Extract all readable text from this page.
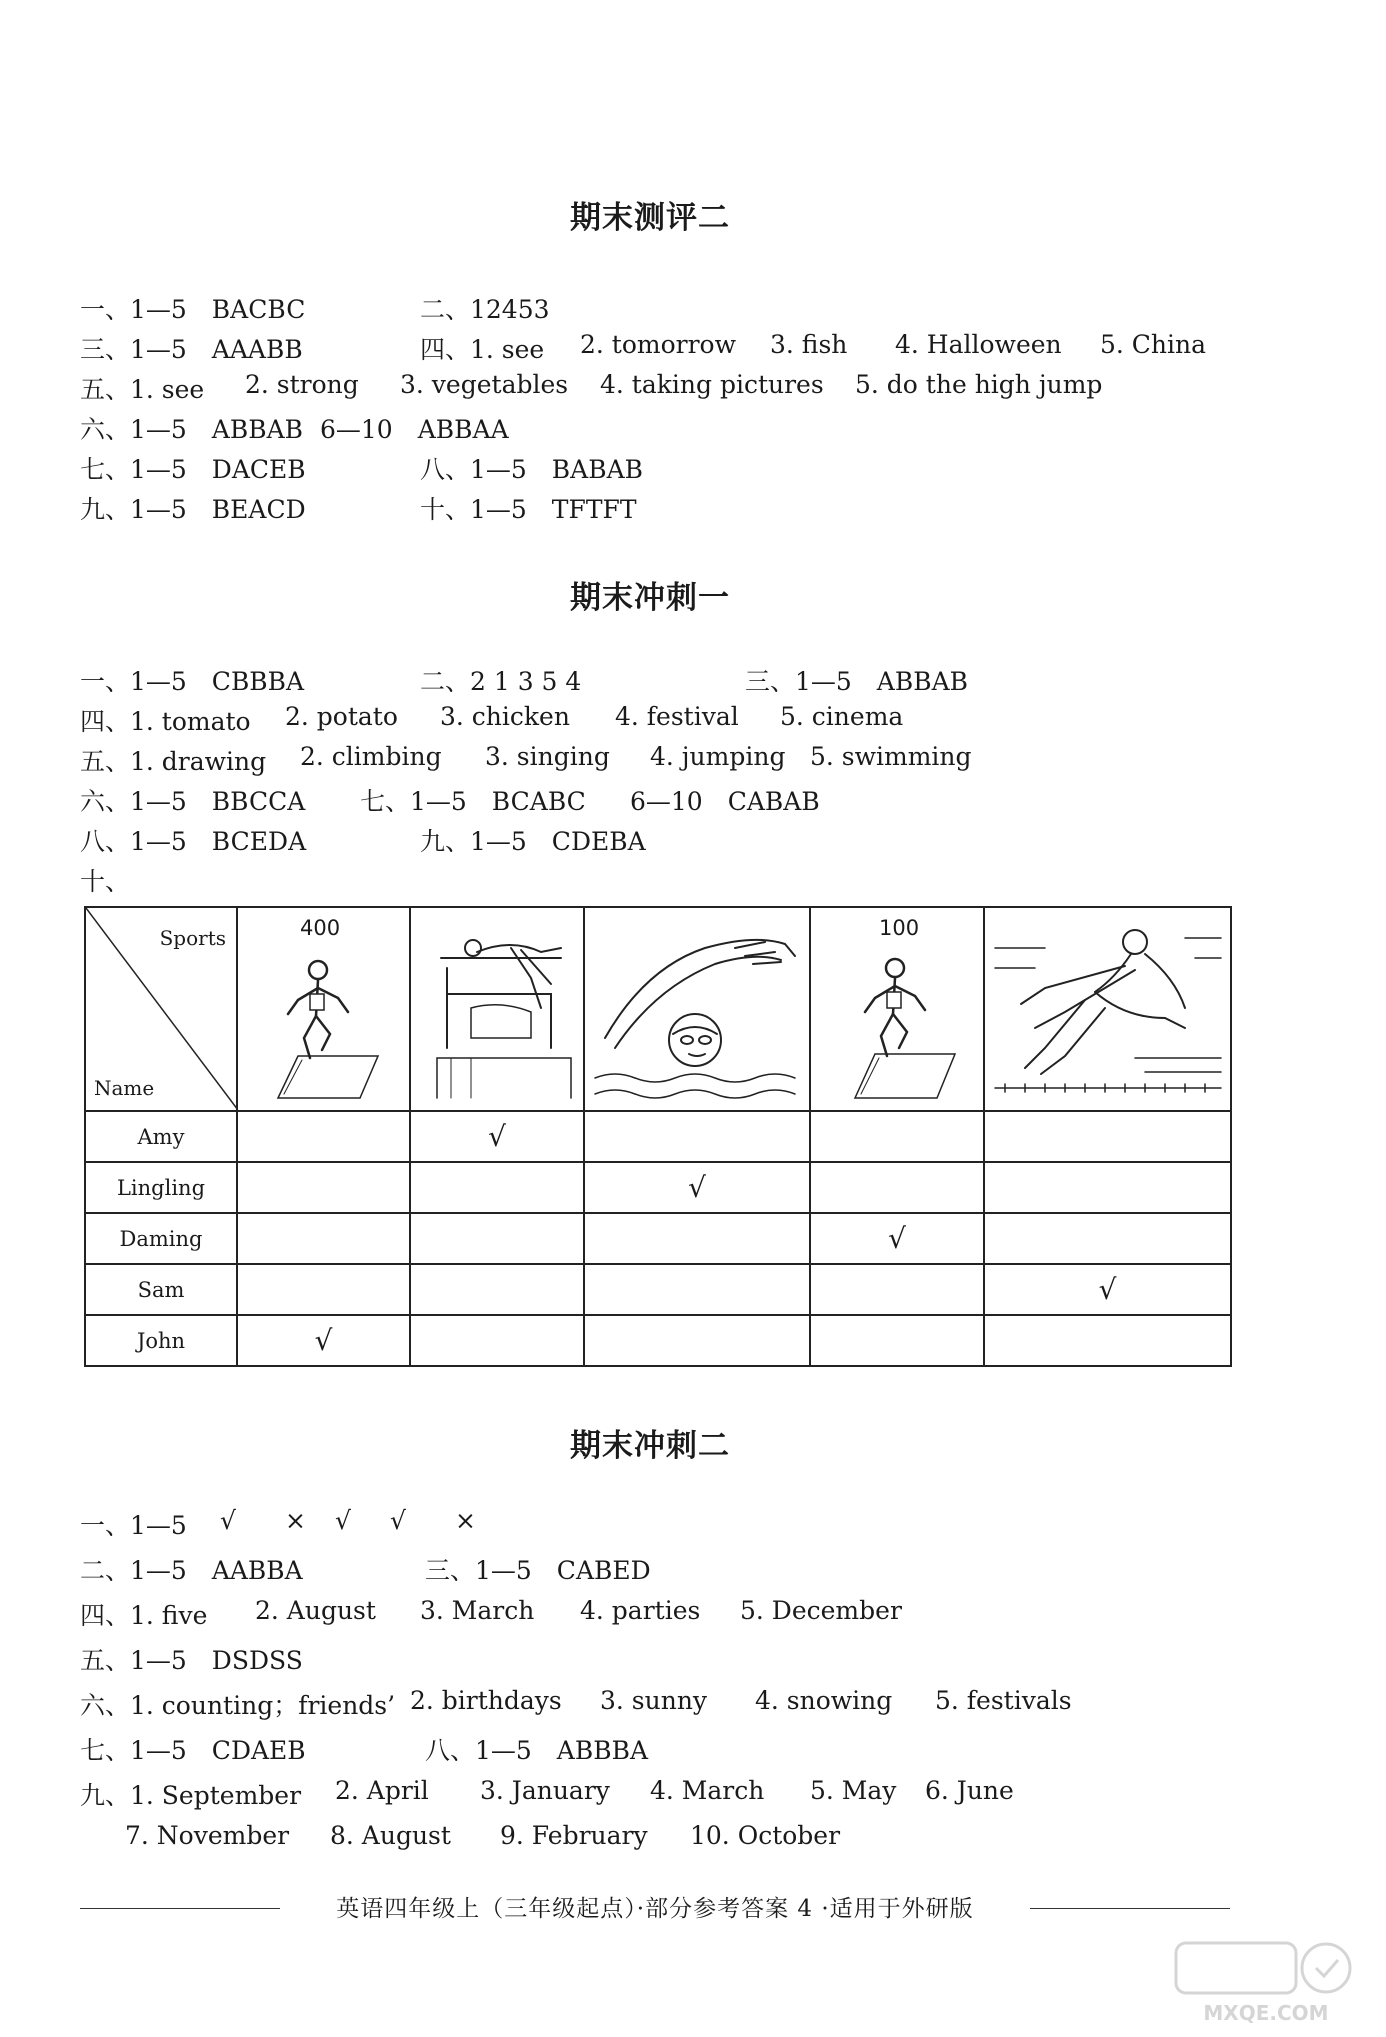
期末测评二
一、1—5　BACBC	二、12453
三、1—5　AAABB	四、1. see 2. tomorrow 3. fish 4. Halloween 5. China
五、1. see 2. strong 3. vegetables 4. taking pictures 5. do the high jump
六、1—5　ABBAB 6—10　ABBAA
七、1—5　DACEB	八、1—5　BABAB
九、1—5　BEACD	十、1—5　TFTFT
期末冲刺一
一、1—5　CBBBA	二、2 1 3 5 4	三、1—5　ABBAB
四、1. tomato 2. potato 3. chicken 4. festival 5. cinema
五、1. drawing 2. climbing 3. singing 4. jumping 5. swimming
六、1—5　BBCCA 七、1—5　BCABC 6—10　CABAB
八、1—5　BCEDA	九、1—5　CDEBA
十、
Sports
Name	400			100

Amy		√			
Lingling			√		
Daming				√	
Sam					√
John	√				
期末冲刺二
一、1—5 √ × √ √ ×
二、1—5　AABBA	三、1—5　CABED
四、1. five 2. August 3. March 4. parties 5. December
五、1—5　DSDSS
六、1. counting；friends’ 2. birthdays 3. sunny 4. snowing 5. festivals
七、1—5　CDAEB	八、1—5　ABBBA
九、1. September 2. April 3. January 4. March 5. May 6. June
7. November 8. August 9. February 10. October
英语四年级上（三年级起点）·部分参考答案 4 ·适用于外研版
MXQE.COM
